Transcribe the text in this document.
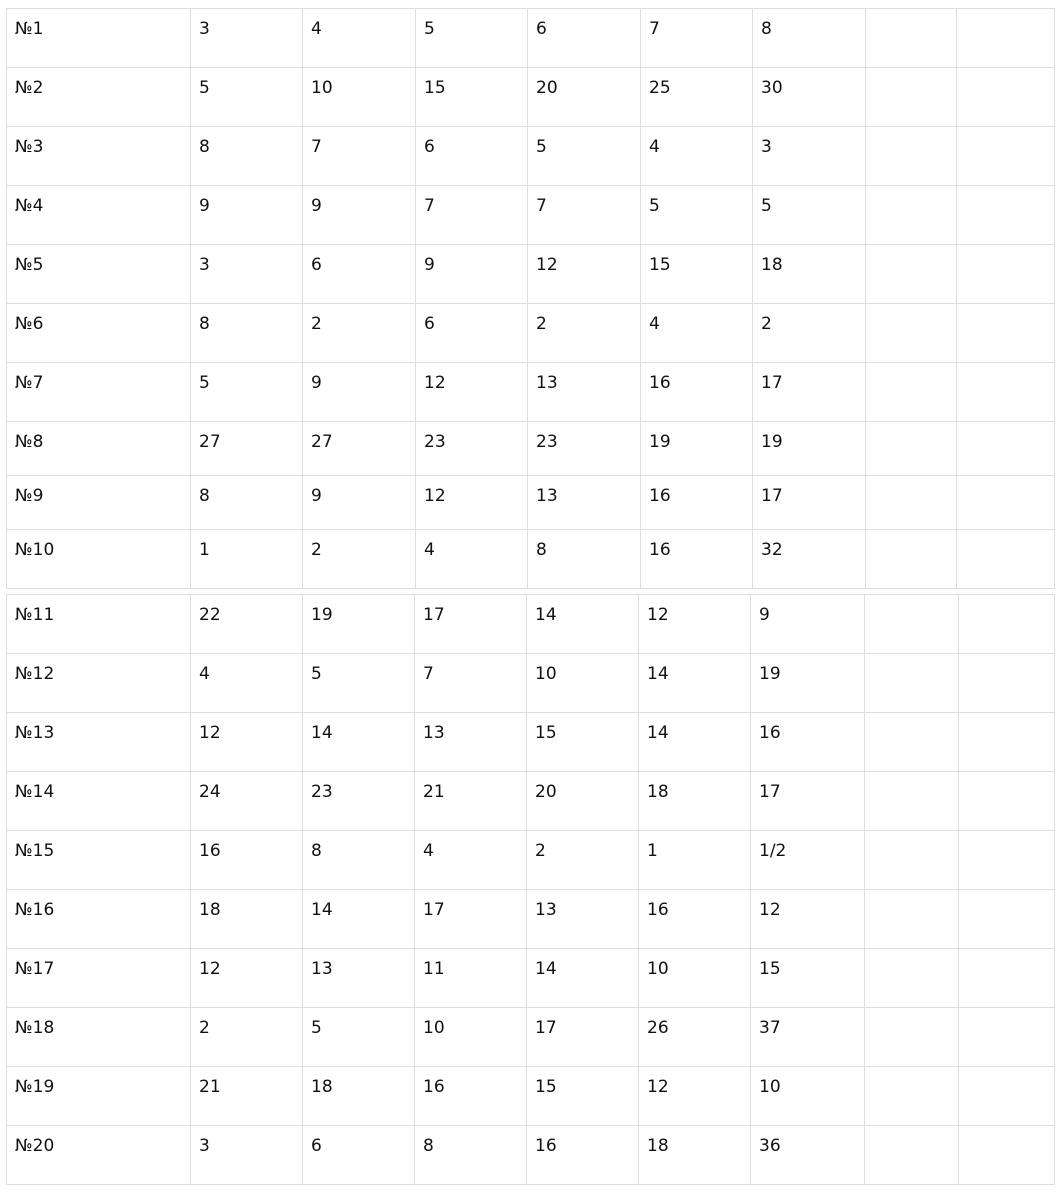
№1	3	4	5	6	7	8		

№2	5	10	15	20	25	30		

№3	8	7	6	5	4	3		

№4	9	9	7	7	5	5		

№5	3	6	9	12	15	18		

№6	8	2	6	2	4	2		

№7	5	9	12	13	16	17		

№8	27	27	23	23	19	19		

№9	8	9	12	13	16	17		

№10	1	2	4	8	16	32		

№11	22	19	17	14	12	9		

№12	4	5	7	10	14	19		

№13	12	14	13	15	14	16		

№14	24	23	21	20	18	17		

№15	16	8	4	2	1	1/2		

№16	18	14	17	13	16	12		

№17	12	13	11	14	10	15		

№18	2	5	10	17	26	37		

№19	21	18	16	15	12	10		

№20	3	6	8	16	18	36		
